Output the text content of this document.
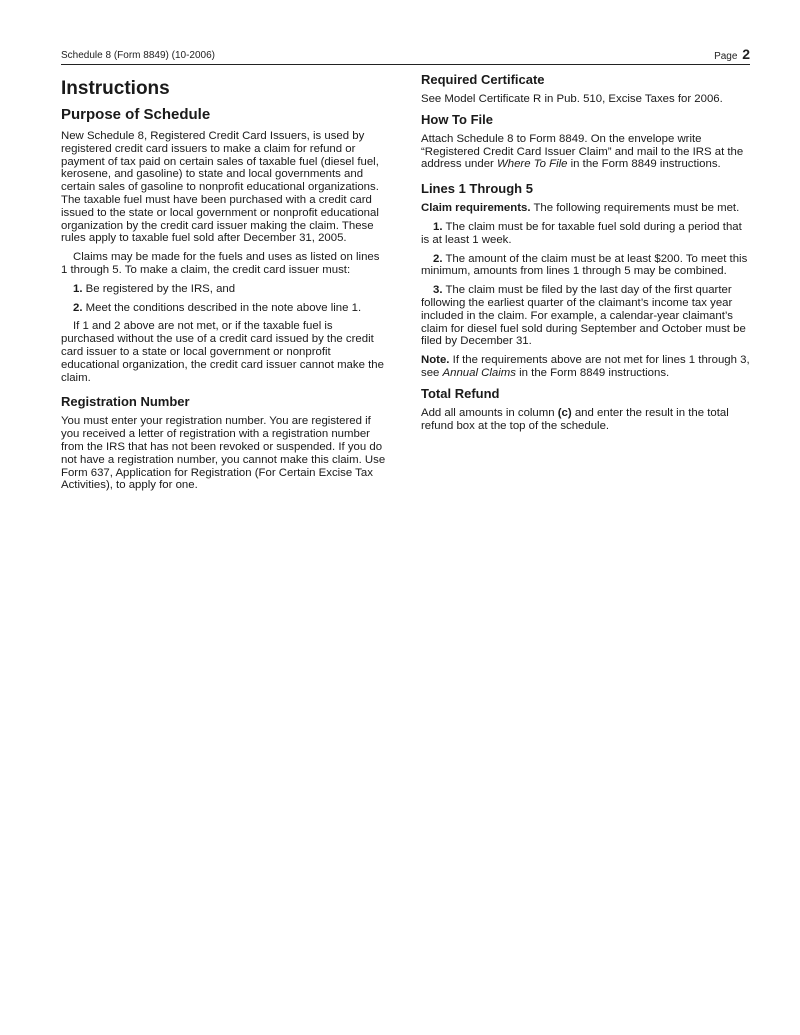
Schedule 8 (Form 8849) (10-2006)	Page 2
Instructions
Purpose of Schedule

New Schedule 8, Registered Credit Card Issuers, is used by registered credit card issuers to make a claim for refund or payment of tax paid on certain sales of taxable fuel (diesel fuel, kerosene, and gasoline) to state and local governments and certain sales of gasoline to nonprofit educational organizations. The taxable fuel must have been purchased with a credit card issued to the state or local government or nonprofit educational organization by the credit card issuer making the claim. These rules apply to taxable fuel sold after December 31, 2005.

Claims may be made for the fuels and uses as listed on lines 1 through 5. To make a claim, the credit card issuer must:

1. Be registered by the IRS, and

2. Meet the conditions described in the note above line 1.

If 1 and 2 above are not met, or if the taxable fuel is purchased without the use of a credit card issued by the credit card issuer to a state or local government or nonprofit educational organization, the credit card issuer cannot make the claim.

Registration Number

You must enter your registration number. You are registered if you received a letter of registration with a registration number from the IRS that has not been revoked or suspended. If you do not have a registration number, you cannot make this claim. Use Form 637, Application for Registration (For Certain Excise Tax Activities), to apply for one.

Required Certificate

See Model Certificate R in Pub. 510, Excise Taxes for 2006.

How To File

Attach Schedule 8 to Form 8849. On the envelope write “Registered Credit Card Issuer Claim” and mail to the IRS at the address under Where To File in the Form 8849 instructions.

Lines 1 Through 5

Claim requirements. The following requirements must be met.

1. The claim must be for taxable fuel sold during a period that is at least 1 week.

2. The amount of the claim must be at least $200. To meet this minimum, amounts from lines 1 through 5 may be combined.

3. The claim must be filed by the last day of the first quarter following the earliest quarter of the claimant’s income tax year included in the claim. For example, a calendar-year claimant’s claim for diesel fuel sold during September and October must be filed by December 31.

Note. If the requirements above are not met for lines 1 through 3, see Annual Claims in the Form 8849 instructions.

Total Refund

Add all amounts in column (c) and enter the result in the total refund box at the top of the schedule.
